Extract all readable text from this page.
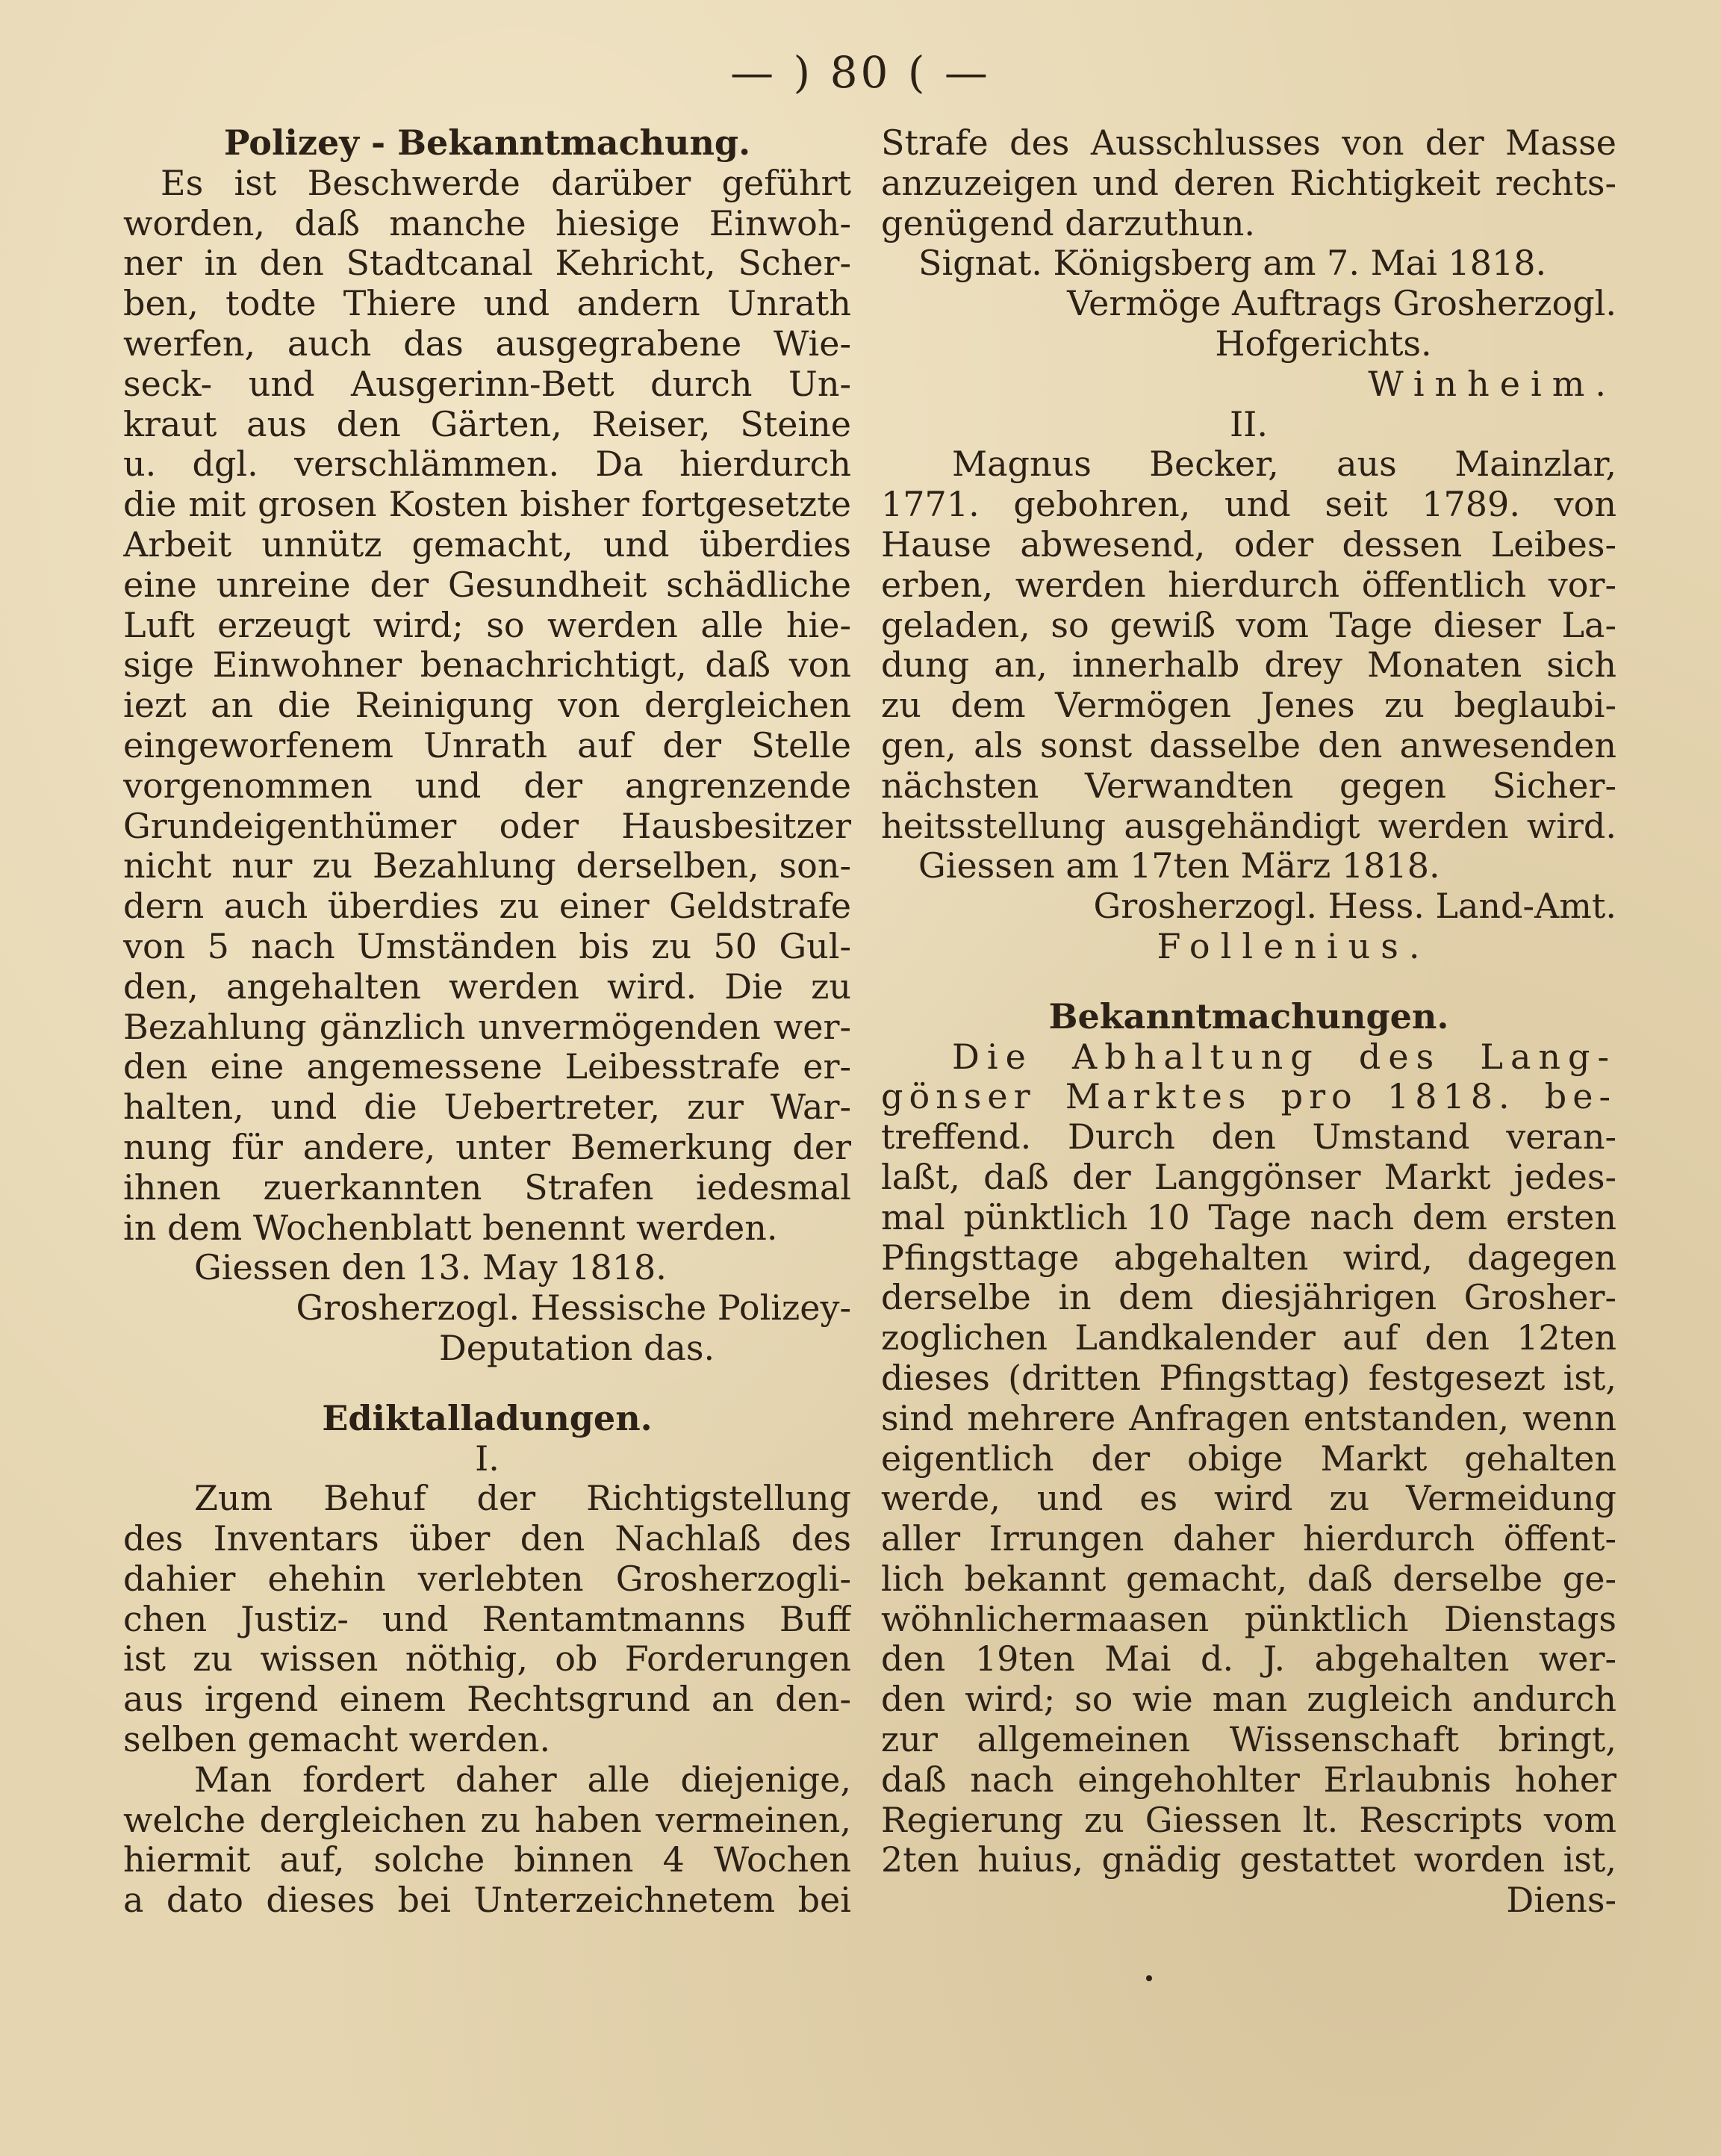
— ) 80 ( —
Polizey - Bekanntmachung.
Es ist Beschwerde darüber geführt
worden, daß manche hiesige Einwoh-
ner in den Stadtcanal Kehricht, Scher-
ben, todte Thiere und andern Unrath
werfen, auch das ausgegrabene Wie-
seck- und Ausgerinn-Bett durch Un-
kraut aus den Gärten, Reiser, Steine
u. dgl. verschlämmen. Da hierdurch
die mit grosen Kosten bisher fortgesetzte
Arbeit unnütz gemacht, und überdies
eine unreine der Gesundheit schädliche
Luft erzeugt wird; so werden alle hie-
sige Einwohner benachrichtigt, daß von
iezt an die Reinigung von dergleichen
eingeworfenem Unrath auf der Stelle
vorgenommen und der angrenzende
Grundeigenthümer oder Hausbesitzer
nicht nur zu Bezahlung derselben, son-
dern auch überdies zu einer Geldstrafe
von 5 nach Umständen bis zu 50 Gul-
den, angehalten werden wird. Die zu
Bezahlung gänzlich unvermögenden wer-
den eine angemessene Leibesstrafe er-
halten, und die Uebertreter, zur War-
nung für andere, unter Bemerkung der
ihnen zuerkannten Strafen iedesmal
in dem Wochenblatt benennt werden.
Giessen den 13. May 1818.
Grosherzogl. Hessische Polizey-
Deputation das.
Ediktalladungen.
I.
Zum Behuf der Richtigstellung
des Inventars über den Nachlaß des
dahier ehehin verlebten Grosherzogli-
chen Justiz- und Rentamtmanns Buff
ist zu wissen nöthig, ob Forderungen
aus irgend einem Rechtsgrund an den-
selben gemacht werden.
Man fordert daher alle diejenige,
welche dergleichen zu haben vermeinen,
hiermit auf, solche binnen 4 Wochen
a dato dieses bei Unterzeichnetem bei
Strafe des Ausschlusses von der Masse
anzuzeigen und deren Richtigkeit rechts-
genügend darzuthun.
Signat. Königsberg am 7. Mai 1818.
Vermöge Auftrags Grosherzogl.
Hofgerichts.
Winheim.
II.
Magnus Becker, aus Mainzlar,
1771. gebohren, und seit 1789. von
Hause abwesend, oder dessen Leibes-
erben, werden hierdurch öffentlich vor-
geladen, so gewiß vom Tage dieser La-
dung an, innerhalb drey Monaten sich
zu dem Vermögen Jenes zu beglaubi-
gen, als sonst dasselbe den anwesenden
nächsten Verwandten gegen Sicher-
heitsstellung ausgehändigt werden wird.
Giessen am 17ten März 1818.
Grosherzogl. Hess. Land-Amt.
Follenius.
Bekanntmachungen.
Die Abhaltung des Lang-
gönser Marktes pro 1818. be-
treffend. Durch den Umstand veran-
laßt, daß der Langgönser Markt jedes-
mal pünktlich 10 Tage nach dem ersten
Pfingsttage abgehalten wird, dagegen
derselbe in dem diesjährigen Grosher-
zoglichen Landkalender auf den 12ten
dieses (dritten Pfingsttag) festgesezt ist,
sind mehrere Anfragen entstanden, wenn
eigentlich der obige Markt gehalten
werde, und es wird zu Vermeidung
aller Irrungen daher hierdurch öffent-
lich bekannt gemacht, daß derselbe ge-
wöhnlichermaasen pünktlich Dienstags
den 19ten Mai d. J. abgehalten wer-
den wird; so wie man zugleich andurch
zur allgemeinen Wissenschaft bringt,
daß nach eingehohlter Erlaubnis hoher
Regierung zu Giessen lt. Rescripts vom
2ten huius, gnädig gestattet worden ist,
Diens-
